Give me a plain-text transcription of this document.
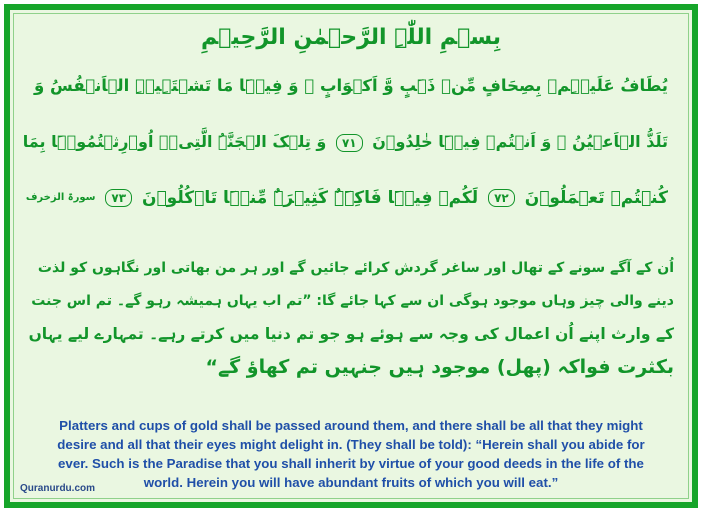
بِسۡمِ اللّٰہِ الرَّحۡمٰنِ الرَّحِیۡمِ
یُطَافُ عَلَیۡہِمۡ بِصِحَافٍ مِّنۡ ذَہَبٍ وَّ اَکۡوَابٍ ۚ وَ فِیۡہَا مَا تَشۡتَہِیۡہِ الۡاَنۡفُسُ وَ
تَلَذُّ الۡاَعۡیُنُ ۚ وَ اَنۡتُمۡ فِیۡہَا خٰلِدُوۡنَ ٧١ وَ تِلۡکَ الۡجَنَّۃُ الَّتِیۡۤ اُوۡرِثۡتُمُوۡہَا بِمَا
کُنۡتُمۡ تَعۡمَلُوۡنَ ٧٢ لَکُمۡ فِیۡہَا فَاکِہَۃٌ کَثِیۡرَۃٌ مِّنۡہَا تَاۡکُلُوۡنَ ٧٣ سورۃ الزخرف
اُن کے آگے سونے کے تھال اور ساغر گردش کرائے جائیں گے اور ہر من بھاتی اور نگاہوں کو لذت
دینے والی چیز وہاں موجود ہوگی ان سے کہا جائے گا: ”تم اب یہاں ہمیشہ رہو گے۔ تم اس جنت
کے وارث اپنے اُن اعمال کی وجہ سے ہوئے ہو جو تم دنیا میں کرتے رہے۔ تمہارے لیے یہاں
بکثرت فواکہ (پھل) موجود ہیں جنہیں تم کھاؤ گے“
Platters and cups of gold shall be passed around them, and there shall be all that they might
desire and all that their eyes might delight in. (They shall be told): “Herein shall you abide for
ever. Such is the Paradise that you shall inherit by virtue of your good deeds in the life of the
world. Herein you will have abundant fruits of which you will eat.”
Quranurdu.com
